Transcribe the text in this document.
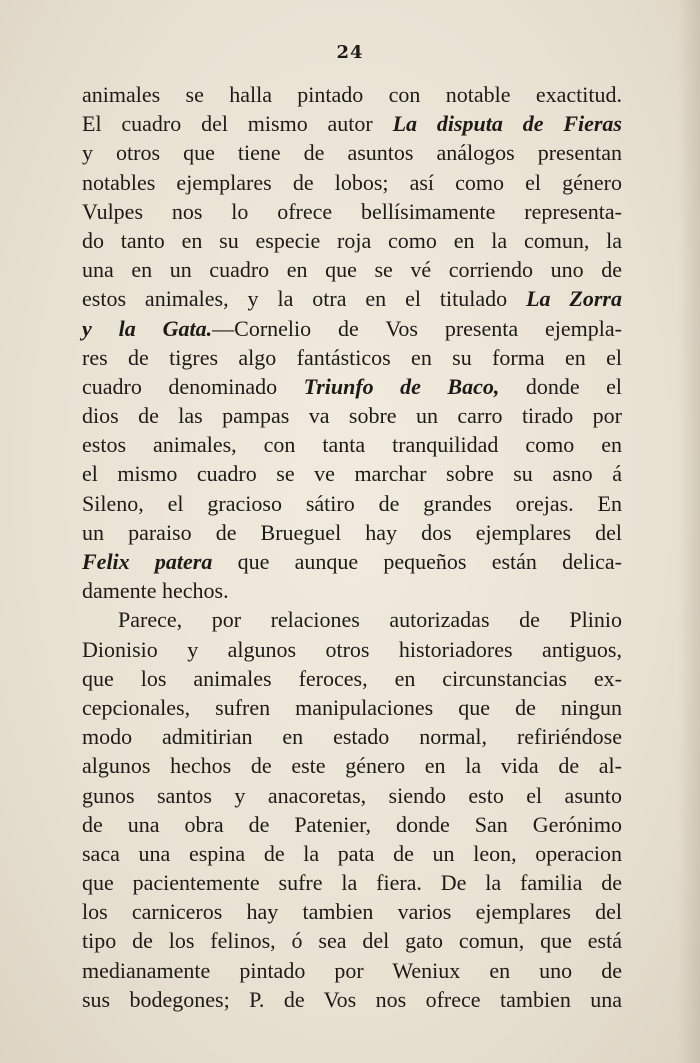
24
animales se halla pintado con notable exactitud.
El cuadro del mismo autor La disputa de Fieras
y otros que tiene de asuntos análogos presentan
notables ejemplares de lobos; así como el género
Vulpes nos lo ofrece bellísimamente representa-
do tanto en su especie roja como en la comun, la
una en un cuadro en que se vé corriendo uno de
estos animales, y la otra en el titulado La Zorra
y la Gata.—Cornelio de Vos presenta ejempla-
res de tigres algo fantásticos en su forma en el
cuadro denominado Triunfo de Baco, donde el
dios de las pampas va sobre un carro tirado por
estos animales, con tanta tranquilidad como en
el mismo cuadro se ve marchar sobre su asno á
Sileno, el gracioso sátiro de grandes orejas. En
un paraiso de Brueguel hay dos ejemplares del
Felix patera que aunque pequeños están delica-
damente hechos.
Parece, por relaciones autorizadas de Plinio
Dionisio y algunos otros historiadores antiguos,
que los animales feroces, en circunstancias ex-
cepcionales, sufren manipulaciones que de ningun
modo admitirian en estado normal, refiriéndose
algunos hechos de este género en la vida de al-
gunos santos y anacoretas, siendo esto el asunto
de una obra de Patenier, donde San Gerónimo
saca una espina de la pata de un leon, operacion
que pacientemente sufre la fiera. De la familia de
los carniceros hay tambien varios ejemplares del
tipo de los felinos, ó sea del gato comun, que está
medianamente pintado por Weniux en uno de
sus bodegones; P. de Vos nos ofrece tambien una
